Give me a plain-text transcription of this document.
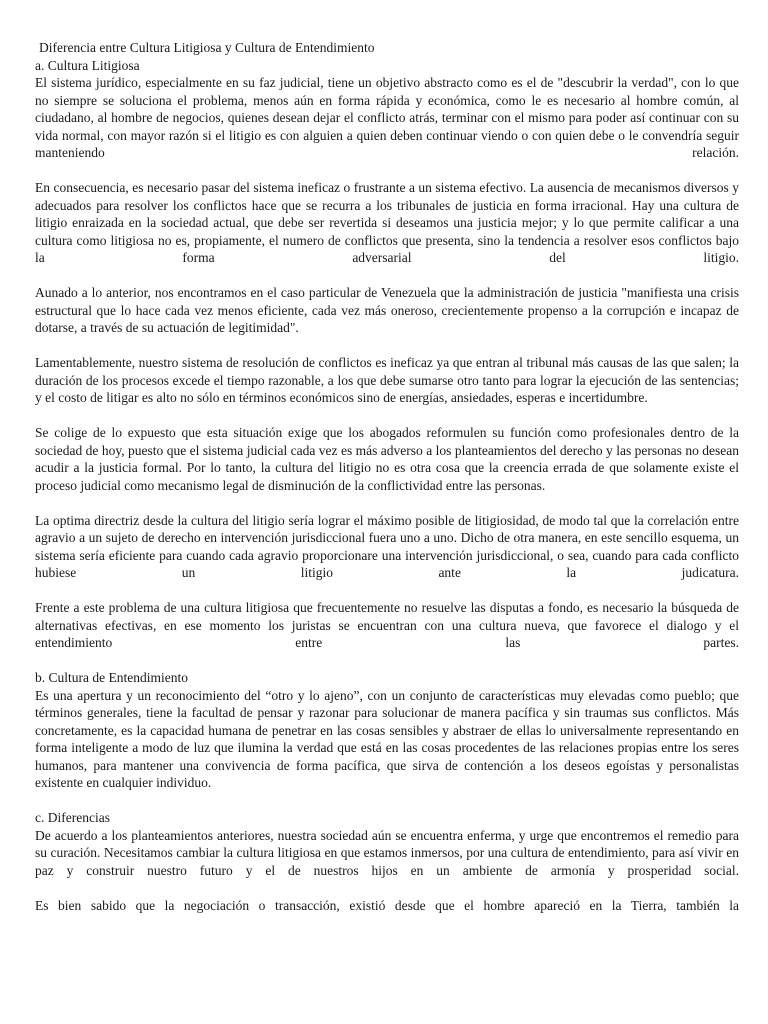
Diferencia entre Cultura Litigiosa y Cultura de Entendimiento

a. Cultura Litigiosa

El sistema jurídico, especialmente en su faz judicial, tiene un objetivo abstracto como es el de "descubrir la verdad", con lo que no siempre se soluciona el problema, menos aún en forma rápida y económica, como le es necesario al hombre común, al ciudadano, al hombre de negocios, quienes desean dejar el conflicto atrás, terminar con el mismo para poder así continuar con su vida normal, con mayor razón si el litigio es con alguien a quien deben continuar viendo o con quien debe o le convendría seguir manteniendo relación.

En consecuencia, es necesario pasar del sistema ineficaz o frustrante a un sistema efectivo. La ausencia de mecanismos diversos y adecuados para resolver los conflictos hace que se recurra a los tribunales de justicia en forma irracional. Hay una cultura de litigio enraizada en la sociedad actual, que debe ser revertida si deseamos una justicia mejor; y lo que permite calificar a una cultura como litigiosa no es, propiamente, el numero de conflictos que presenta, sino la tendencia a resolver esos conflictos bajo la forma adversarial del litigio.

Aunado a lo anterior, nos encontramos en el caso particular de Venezuela que la administración de justicia "manifiesta una crisis estructural que lo hace cada vez menos eficiente, cada vez más oneroso, crecientemente propenso a la corrupción e incapaz de dotarse, a través de su actuación de legitimidad".

Lamentablemente, nuestro sistema de resolución de conflictos es ineficaz ya que entran al tribunal más causas de las que salen; la duración de los procesos excede el tiempo razonable, a los que debe sumarse otro tanto para lograr la ejecución de las sentencias; y el costo de litigar es alto no sólo en términos económicos sino de energías, ansiedades, esperas e incertidumbre.

Se colige de lo expuesto que esta situación exige que los abogados reformulen su función como profesionales dentro de la sociedad de hoy, puesto que el sistema judicial cada vez es más adverso a los planteamientos del derecho y las personas no desean acudir a la justicia formal. Por lo tanto, la cultura del litigio no es otra cosa que la creencia errada de que solamente existe el proceso judicial como mecanismo legal de disminución de la conflictividad entre las personas.

La optima directriz desde la cultura del litigio sería lograr el máximo posible de litigiosidad, de modo tal que la correlación entre agravio a un sujeto de derecho en intervención jurisdiccional fuera uno a uno. Dicho de otra manera, en este sencillo esquema, un sistema sería eficiente para cuando cada agravio proporcionare una intervención jurisdiccional, o sea, cuando para cada conflicto hubiese un litigio ante la judicatura.

Frente a este problema de una cultura litigiosa que frecuentemente no resuelve las disputas a fondo, es necesario la búsqueda de alternativas efectivas, en ese momento los juristas se encuentran con una cultura nueva, que favorece el dialogo y el entendimiento entre las partes.

b. Cultura de Entendimiento

Es una apertura y un reconocimiento del “otro y lo ajeno”, con un conjunto de características muy elevadas como pueblo; que términos generales, tiene la facultad de pensar y razonar para solucionar de manera pacífica y sin traumas sus conflictos. Más concretamente, es la capacidad humana de penetrar en las cosas sensibles y abstraer de ellas lo universalmente representando en forma inteligente a modo de luz que ilumina la verdad que está en las cosas procedentes de las relaciones propias entre los seres humanos, para mantener una convivencia de forma pacífica, que sirva de contención a los deseos egoístas y personalistas existente en cualquier individuo.

c. Diferencias

De acuerdo a los planteamientos anteriores, nuestra sociedad aún se encuentra enferma, y urge que encontremos el remedio para su curación. Necesitamos cambiar la cultura litigiosa en que estamos inmersos, por una cultura de entendimiento, para así vivir en paz y construir nuestro futuro y el de nuestros hijos en un ambiente de armonía y prosperidad social.

Es bien sabido que la negociación o transacción, existió desde que el hombre apareció en la Tierra, también la
